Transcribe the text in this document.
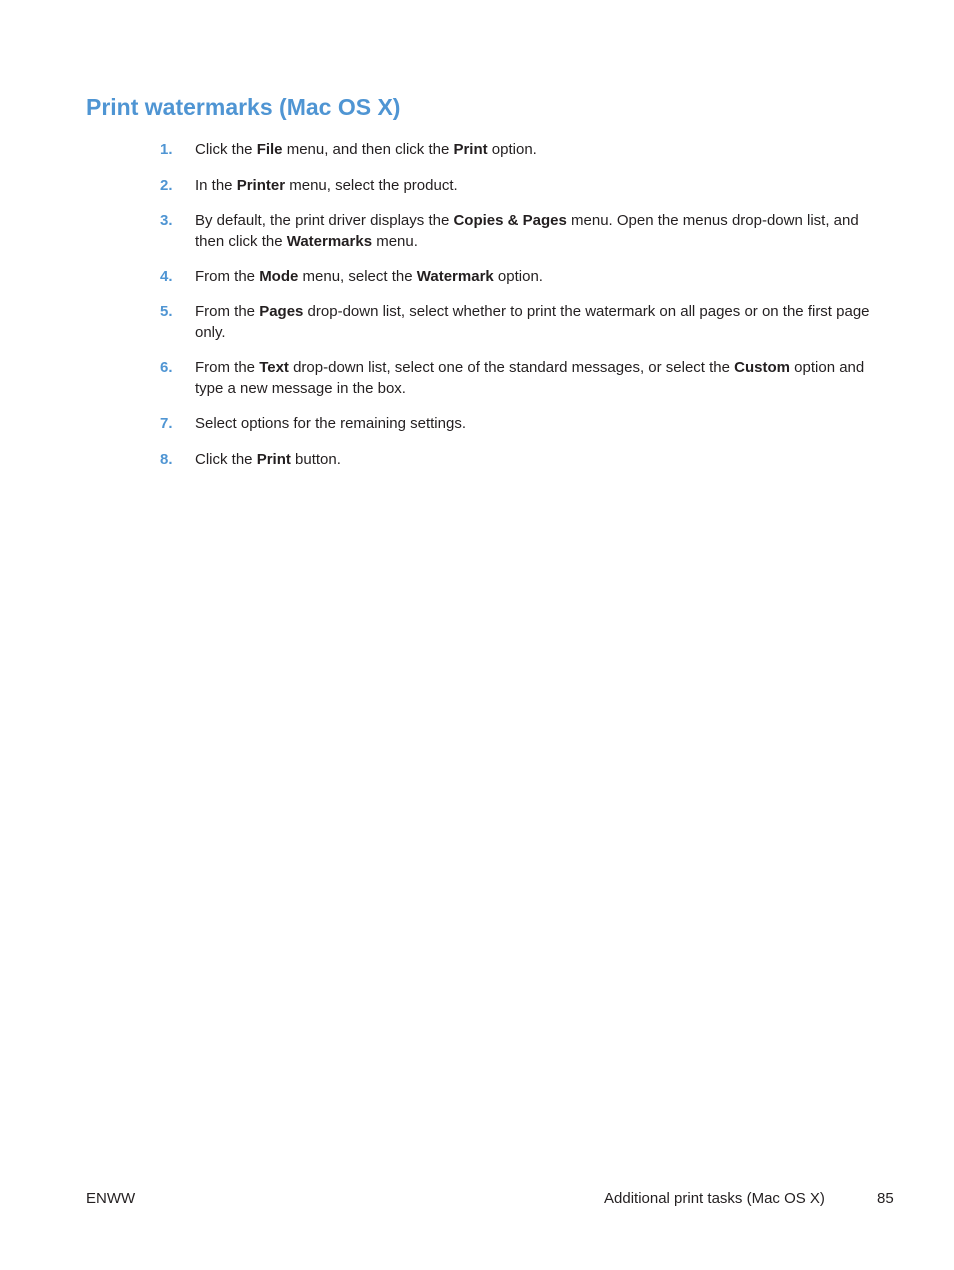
Print watermarks (Mac OS X)
1.	Click the File menu, and then click the Print option.
2.	In the Printer menu, select the product.
3.	By default, the print driver displays the Copies & Pages menu. Open the menus drop-down list, and then click the Watermarks menu.
4.	From the Mode menu, select the Watermark option.
5.	From the Pages drop-down list, select whether to print the watermark on all pages or on the first page only.
6.	From the Text drop-down list, select one of the standard messages, or select the Custom option and type a new message in the box.
7.	Select options for the remaining settings.
8.	Click the Print button.
ENWW	Additional print tasks (Mac OS X)	85
